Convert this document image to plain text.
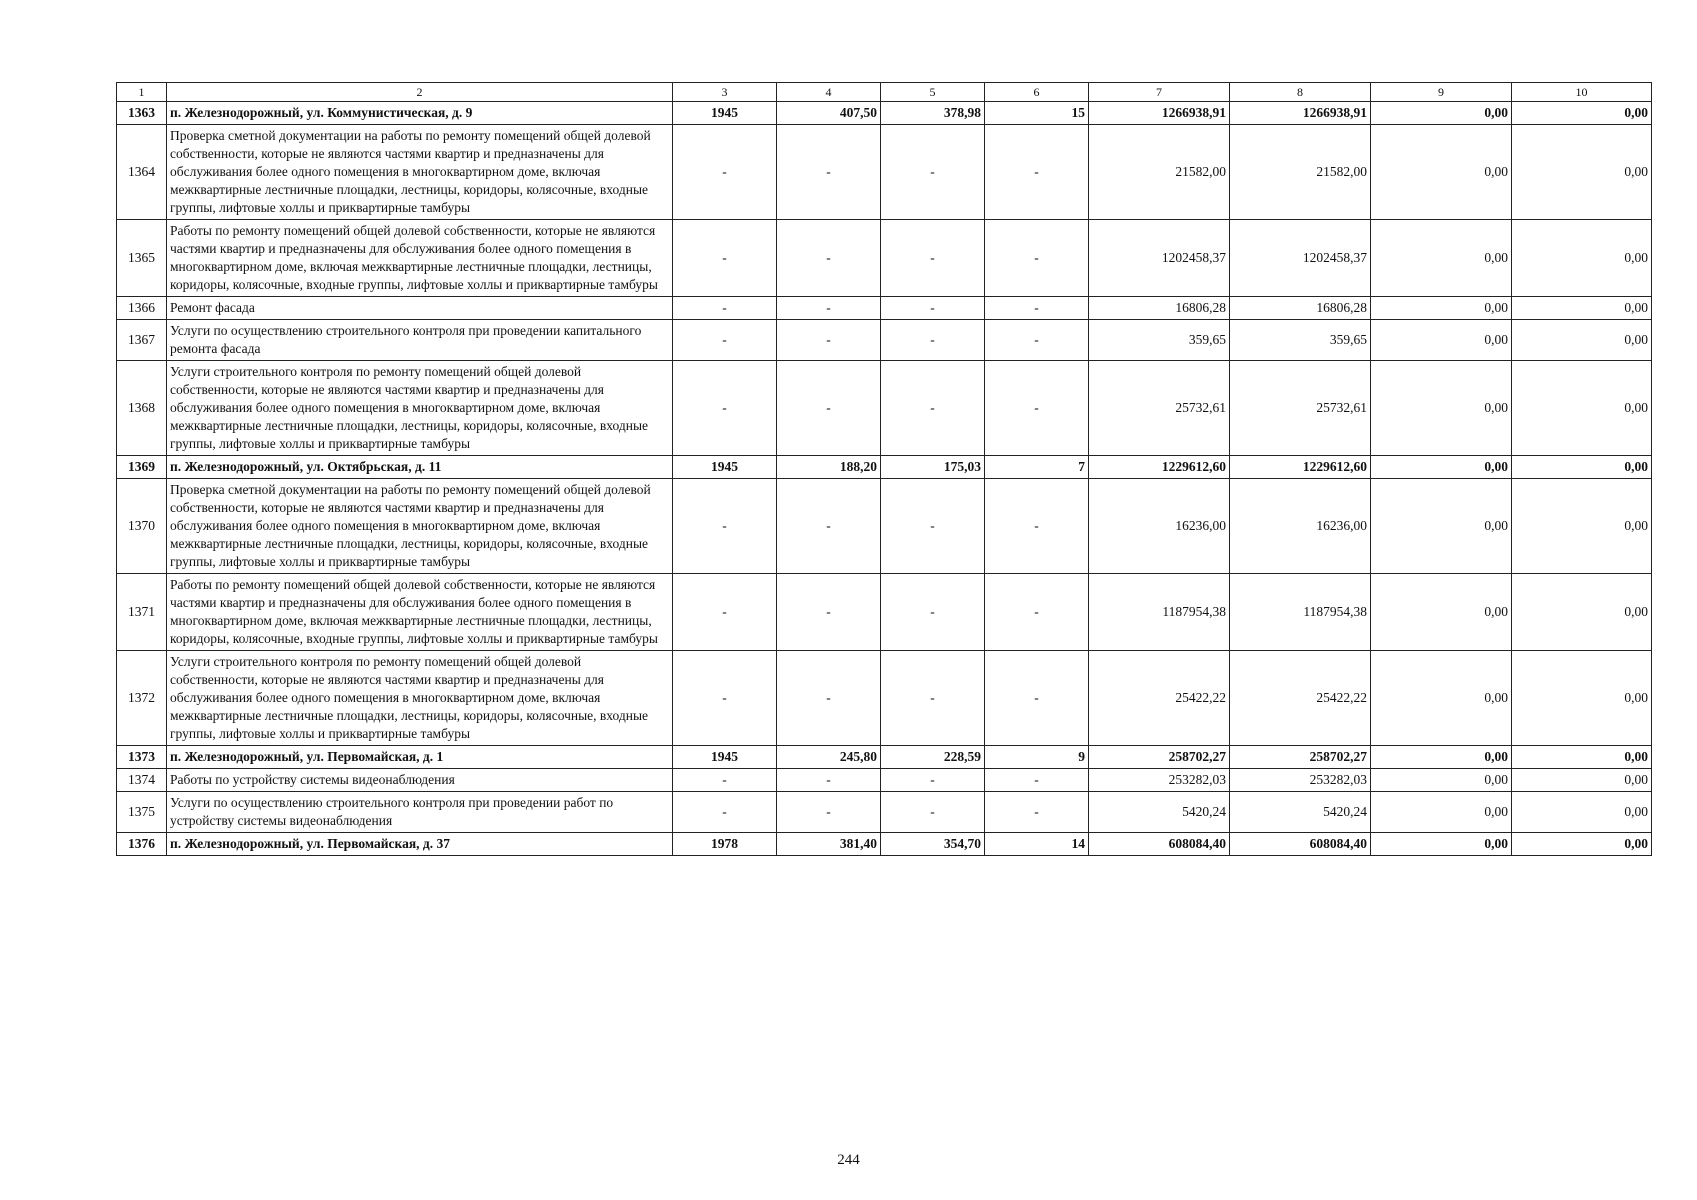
1	2	3	4	5	6	7	8	9	10
1363	п. Железнодорожный, ул. Коммунистическая, д. 9	1945	407,50	378,98	15	1266938,91	1266938,91	0,00	0,00
1364	Проверка сметной документации на работы по ремонту помещений общей долевой собственности, которые не являются частями квартир и предназначены для обслуживания более одного помещения в многоквартирном доме, включая межквартирные лестничные площадки, лестницы, коридоры, колясочные, входные группы, лифтовые холлы и приквартирные тамбуры	-	-	-	-	21582,00	21582,00	0,00	0,00
1365	Работы по ремонту помещений общей долевой собственности, которые не являются частями квартир и предназначены для обслуживания более одного помещения в многоквартирном доме, включая межквартирные лестничные площадки, лестницы, коридоры, колясочные, входные группы, лифтовые холлы и приквартирные тамбуры	-	-	-	-	1202458,37	1202458,37	0,00	0,00
1366	Ремонт фасада	-	-	-	-	16806,28	16806,28	0,00	0,00
1367	Услуги по осуществлению строительного контроля при проведении капитального ремонта фасада	-	-	-	-	359,65	359,65	0,00	0,00
1368	Услуги строительного контроля по ремонту помещений общей долевой собственности, которые не являются частями квартир и предназначены для обслуживания более одного помещения в многоквартирном доме, включая межквартирные лестничные площадки, лестницы, коридоры, колясочные, входные группы, лифтовые холлы и приквартирные тамбуры	-	-	-	-	25732,61	25732,61	0,00	0,00
1369	п. Железнодорожный, ул. Октябрьская, д. 11	1945	188,20	175,03	7	1229612,60	1229612,60	0,00	0,00
1370	Проверка сметной документации на работы по ремонту помещений общей долевой собственности, которые не являются частями квартир и предназначены для обслуживания более одного помещения в многоквартирном доме, включая межквартирные лестничные площадки, лестницы, коридоры, колясочные, входные группы, лифтовые холлы и приквартирные тамбуры	-	-	-	-	16236,00	16236,00	0,00	0,00
1371	Работы по ремонту помещений общей долевой собственности, которые не являются частями квартир и предназначены для обслуживания более одного помещения в многоквартирном доме, включая межквартирные лестничные площадки, лестницы, коридоры, колясочные, входные группы, лифтовые холлы и приквартирные тамбуры	-	-	-	-	1187954,38	1187954,38	0,00	0,00
1372	Услуги строительного контроля по ремонту помещений общей долевой собственности, которые не являются частями квартир и предназначены для обслуживания более одного помещения в многоквартирном доме, включая межквартирные лестничные площадки, лестницы, коридоры, колясочные, входные группы, лифтовые холлы и приквартирные тамбуры	-	-	-	-	25422,22	25422,22	0,00	0,00
1373	п. Железнодорожный, ул. Первомайская, д. 1	1945	245,80	228,59	9	258702,27	258702,27	0,00	0,00
1374	Работы по устройству системы видеонаблюдения	-	-	-	-	253282,03	253282,03	0,00	0,00
1375	Услуги по осуществлению строительного контроля при проведении работ по устройству системы видеонаблюдения	-	-	-	-	5420,24	5420,24	0,00	0,00
1376	п. Железнодорожный, ул. Первомайская, д. 37	1978	381,40	354,70	14	608084,40	608084,40	0,00	0,00
244
